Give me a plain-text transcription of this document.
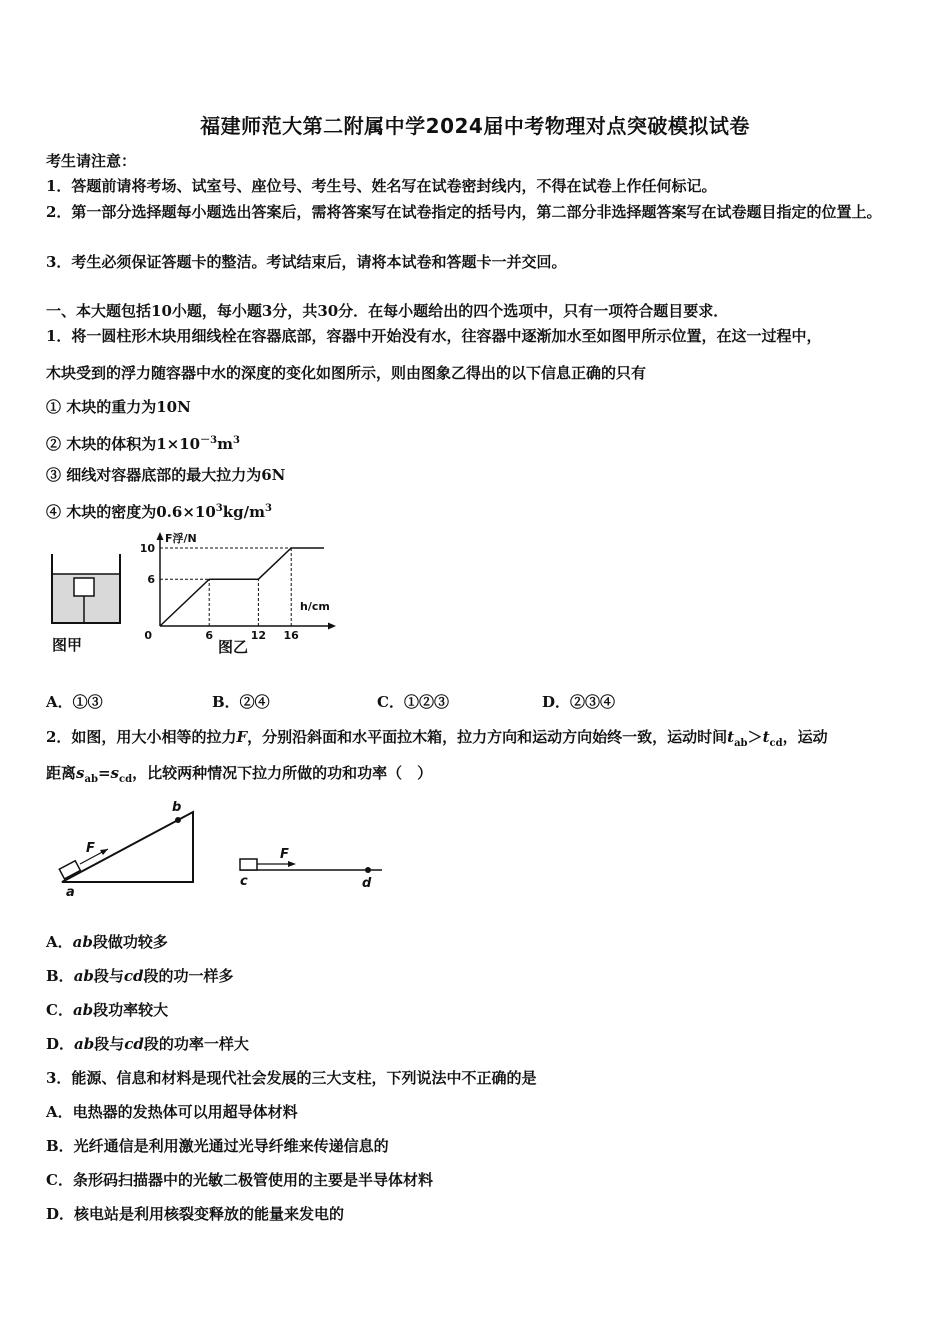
福建师范大第二附属中学2024届中考物理对点突破模拟试卷
考生请注意：
1．答题前请将考场、试室号、座位号、考生号、姓名写在试卷密封线内，不得在试卷上作任何标记。
2．第一部分选择题每小题选出答案后，需将答案写在试卷指定的括号内，第二部分非选择题答案写在试卷题目指定的位置上。
3．考生必须保证答题卡的整洁。考试结束后，请将本试卷和答题卡一并交回。
一、本大题包括10小题，每小题3分，共30分．在每小题给出的四个选项中，只有一项符合题目要求．
1．将一圆柱形木块用细线栓在容器底部，容器中开始没有水，往容器中逐渐加水至如图甲所示位置，在这一过程中，
木块受到的浮力随容器中水的深度的变化如图所示，则由图象乙得出的以下信息正确的只有
① 木块的重力为10N
② 木块的体积为$1\times 10^{-3}m^3$
③ 细线对容器底部的最大拉力为6N
④ 木块的密度为$0.6\times 10^3kg/m^3$
图甲
6
10
6	12 16
F浮/N
h/cm
0
图乙
A．①③	B．②④	C．①②③	D．②③④
2．如图，用大小相等的拉力F，分别沿斜面和水平面拉木箱，拉力方向和运动方向始终一致，运动时间$t_{ab}>t_{cd}$，运动
距离$s_{ab}=s_{cd}$，比较两种情况下拉力所做的功和功率（　）
b
F
a
F
c	d
A．ab段做功较多
B．ab段与cd段的功一样多
C．ab段功率较大
D．ab段与cd段的功率一样大
3．能源、信息和材料是现代社会发展的三大支柱，下列说法中不正确的是
A．电热器的发热体可以用超导体材料
B．光纤通信是利用激光通过光导纤维来传递信息的
C．条形码扫描器中的光敏二极管使用的主要是半导体材料
D．核电站是利用核裂变释放的能量来发电的
